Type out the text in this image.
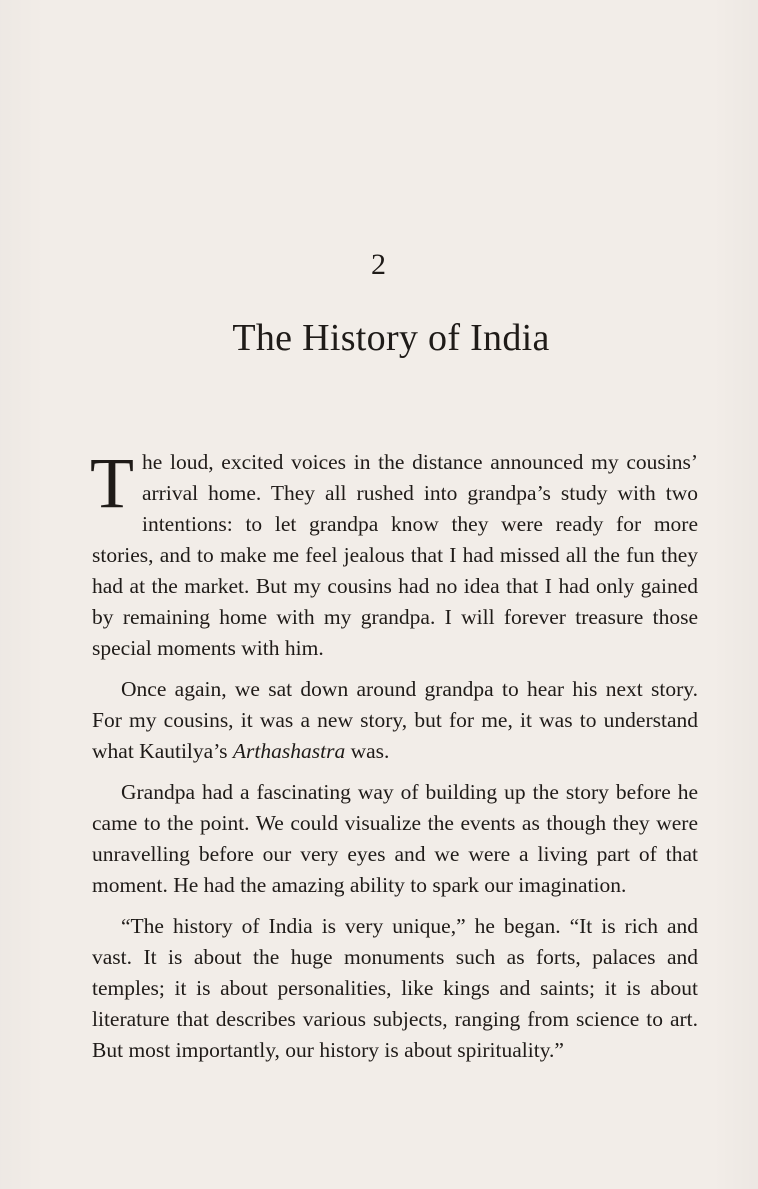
2
The History of India

The loud, excited voices in the distance announced my cousins’ arrival home. They all rushed into grandpa’s study with two intentions: to let grandpa know they were ready for more stories, and to make me feel jealous that I had missed all the fun they had at the market. But my cousins had no idea that I had only gained by remaining home with my grandpa. I will forever treasure those special moments with him.

Once again, we sat down around grandpa to hear his next story. For my cousins, it was a new story, but for me, it was to understand what Kautilya’s Arthashastra was.

Grandpa had a fascinating way of building up the story before he came to the point. We could visualize the events as though they were unravelling before our very eyes and we were a living part of that moment. He had the amazing ability to spark our imagination.

“The history of India is very unique,” he began. “It is rich and vast. It is about the huge monuments such as forts, palaces and temples; it is about personalities, like kings and saints; it is about literature that describes various subjects, ranging from science to art. But most importantly, our history is about spirituality.”
